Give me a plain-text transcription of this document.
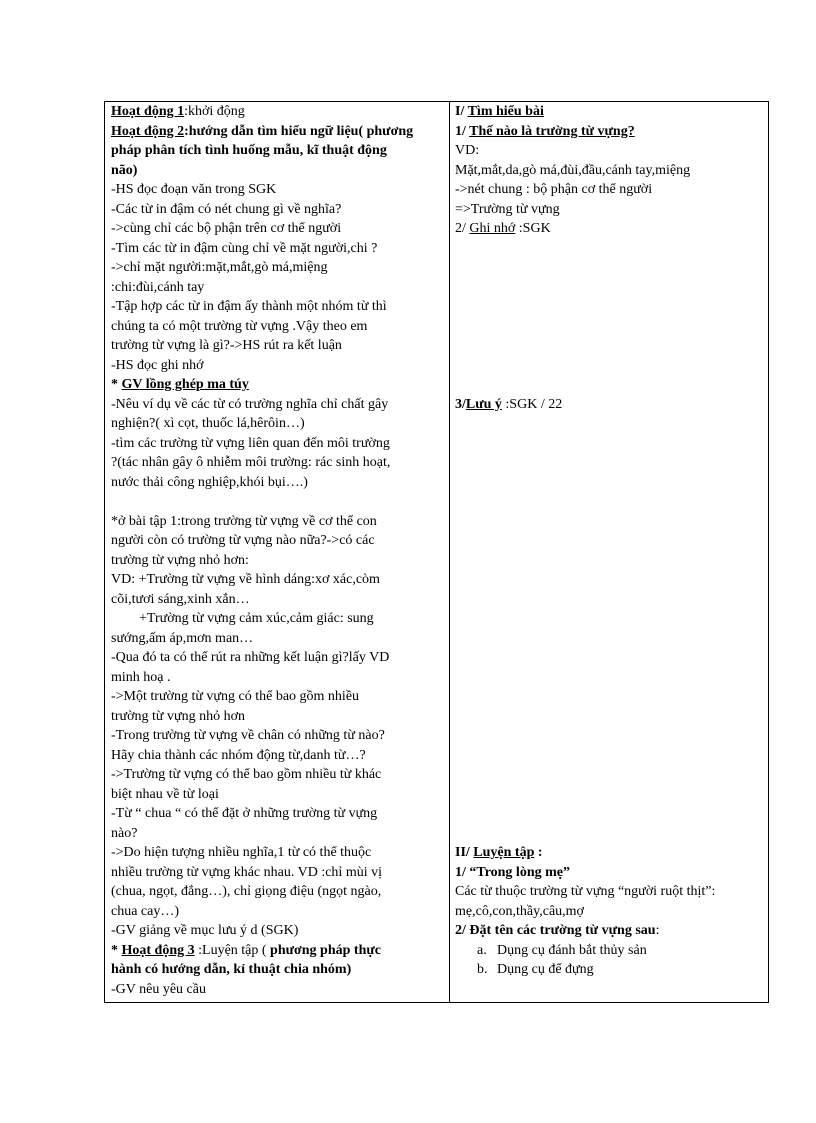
Hoạt động 1:khởi động
Hoạt động 2:hướng dẫn tìm hiểu ngữ liệu( phương
pháp phân tích tình huống mẫu, kĩ thuật động
não)
-HS đọc đoạn văn trong SGK
-Các từ in đậm có nét chung gì về nghĩa?
->cùng chỉ các bộ phận trên cơ thể người
-Tìm các từ in đậm cùng chỉ về mặt người,chi ?
->chỉ mặt người:mặt,mắt,gò má,miệng
:chi:đùi,cánh tay
-Tập hợp các từ in đậm ấy thành một nhóm từ thì
chúng ta có một trường từ vựng .Vậy theo em
trường từ vựng là gì?->HS rút ra kết luận
-HS đọc ghi nhớ
* GV lồng ghép ma túy
-Nêu ví dụ về các từ có trường nghĩa chỉ chất gây
nghiện?( xì cọt, thuốc lá,hêrôin…)
-tìm các trường từ vựng liên quan đến môi trường
?(tác nhân gây ô nhiễm môi trường: rác sinh hoạt,
nước thải công nghiệp,khói bụi….)
*ở bài tập 1:trong trường từ vựng về cơ thể con
người còn có trường từ vựng nào nữa?->có các
trường từ vựng nhỏ hơn:
VD: +Trường từ vựng về hình dáng:xơ xác,còm
cõi,tươi sáng,xinh xắn…
+Trường từ vựng cảm xúc,cảm giác: sung
sướng,ấm áp,mơn man…
-Qua đó ta có thể rút ra những kết luận gì?lấy VD
minh hoạ .
->Một trường từ vựng có thể bao gồm nhiều
trường từ vựng nhỏ hơn
-Trong trường từ vựng về chân có những từ nào?
Hãy chia thành các nhóm động từ,danh từ…?
->Trường từ vựng có thể bao gồm nhiều từ khác
biệt nhau về từ loại
-Từ “ chua “ có thể đặt ở những trường từ vựng
nào?
->Do hiện tượng nhiều nghĩa,1 từ có thể thuộc
nhiều trường từ vựng khác nhau. VD :chỉ mùi vị
(chua, ngọt, đắng…), chỉ giọng điệu (ngọt ngào,
chua cay…)
-GV giảng về mục lưu ý d (SGK)
* Hoạt động 3 :Luyện tập ( phương pháp thực
hành có hướng dẫn, kỉ thuật chia nhóm)
-GV nêu yêu cầu
I/ Tìm hiểu bài
1/ Thế nào là trường từ vựng?
VD:
Mặt,mắt,da,gò má,đùi,đầu,cánh tay,miệng
->nét chung : bộ phận cơ thể người
=>Trường từ vựng
2/ Ghi nhớ :SGK
3/Lưu ý :SGK / 22
II/ Luyện tập :
1/ “Trong lòng mẹ”
Các từ thuộc trường từ vựng “người ruột thịt”:
mẹ,cô,con,thầy,câu,mợ
2/ Đặt tên các trường từ vựng sau:
a. Dụng cụ đánh bắt thủy sản
b. Dụng cụ để đựng
